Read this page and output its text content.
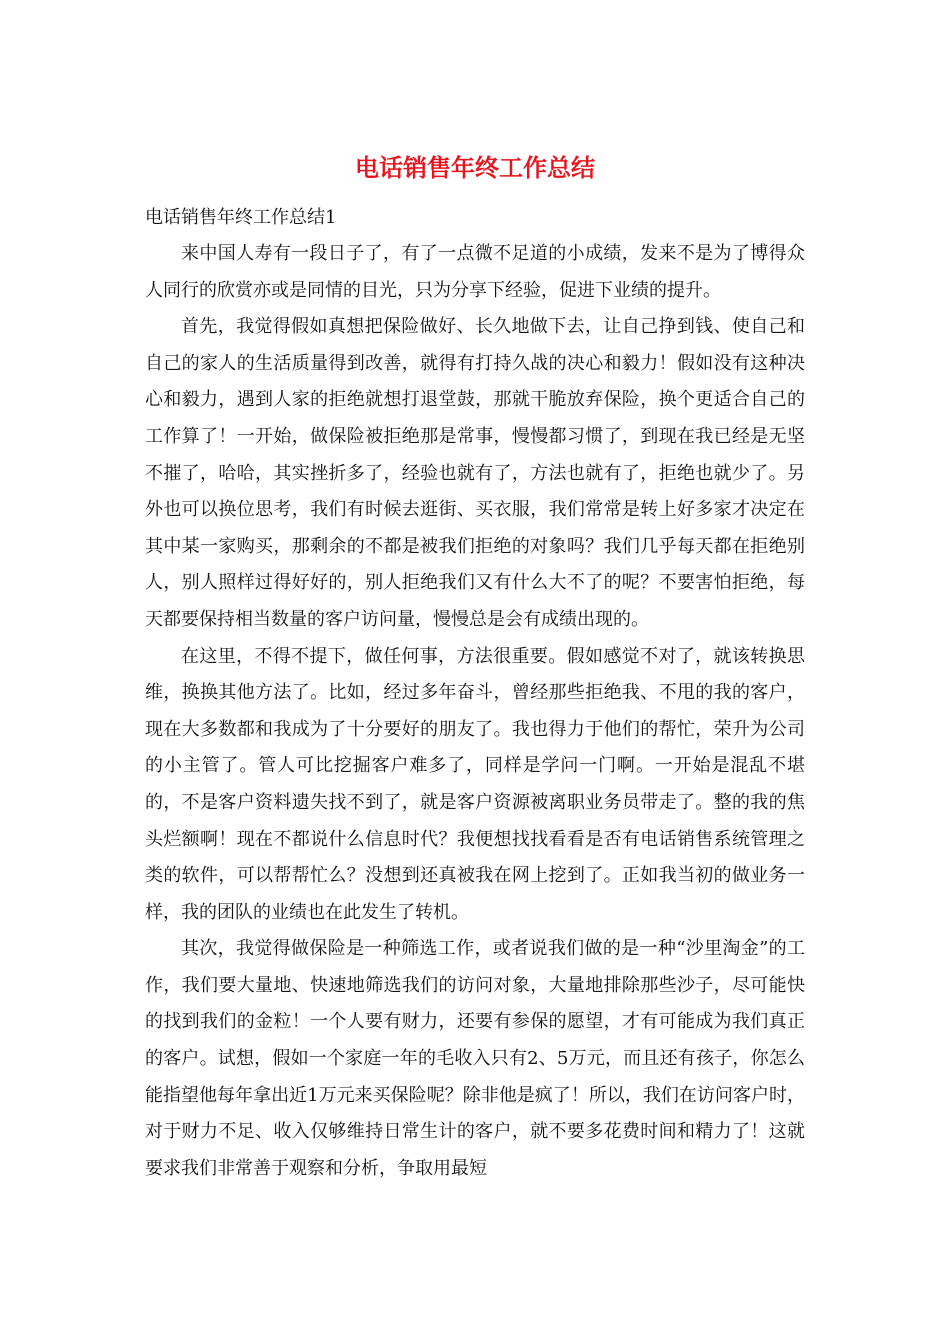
电话销售年终工作总结

电话销售年终工作总结1

来中国人寿有一段日子了，有了一点微不足道的小成绩，发来不是为了博得众人同行的欣赏亦或是同情的目光，只为分享下经验，促进下业绩的提升。

首先，我觉得假如真想把保险做好、长久地做下去，让自己挣到钱、使自己和自己的家人的生活质量得到改善，就得有打持久战的决心和毅力！假如没有这种决心和毅力，遇到人家的拒绝就想打退堂鼓，那就干脆放弃保险，换个更适合自己的工作算了！一开始，做保险被拒绝那是常事，慢慢都习惯了，到现在我已经是无坚不摧了，哈哈，其实挫折多了，经验也就有了，方法也就有了，拒绝也就少了。另外也可以换位思考，我们有时候去逛街、买衣服，我们常常是转上好多家才决定在其中某一家购买，那剩余的不都是被我们拒绝的对象吗？我们几乎每天都在拒绝别人，别人照样过得好好的，别人拒绝我们又有什么大不了的呢？不要害怕拒绝，每天都要保持相当数量的客户访问量，慢慢总是会有成绩出现的。

在这里，不得不提下，做任何事，方法很重要。假如感觉不对了，就该转换思维，换换其他方法了。比如，经过多年奋斗，曾经那些拒绝我、不甩的我的客户，现在大多数都和我成为了十分要好的朋友了。我也得力于他们的帮忙，荣升为公司的小主管了。管人可比挖掘客户难多了，同样是学问一门啊。一开始是混乱不堪的，不是客户资料遗失找不到了，就是客户资源被离职业务员带走了。整的我的焦头烂额啊！现在不都说什么信息时代？我便想找找看看是否有电话销售系统管理之类的软件，可以帮帮忙么？没想到还真被我在网上挖到了。正如我当初的做业务一样，我的团队的业绩也在此发生了转机。

其次，我觉得做保险是一种筛选工作，或者说我们做的是一种“沙里淘金”的工作，我们要大量地、快速地筛选我们的访问对象，大量地排除那些沙子，尽可能快的找到我们的金粒！一个人要有财力，还要有参保的愿望，才有可能成为我们真正的客户。试想，假如一个家庭一年的毛收入只有2、5万元，而且还有孩子，你怎么能指望他每年拿出近1万元来买保险呢？除非他是疯了！所以，我们在访问客户时，对于财力不足、收入仅够维持日常生计的客户，就不要多花费时间和精力了！这就要求我们非常善于观察和分析，争取用最短
